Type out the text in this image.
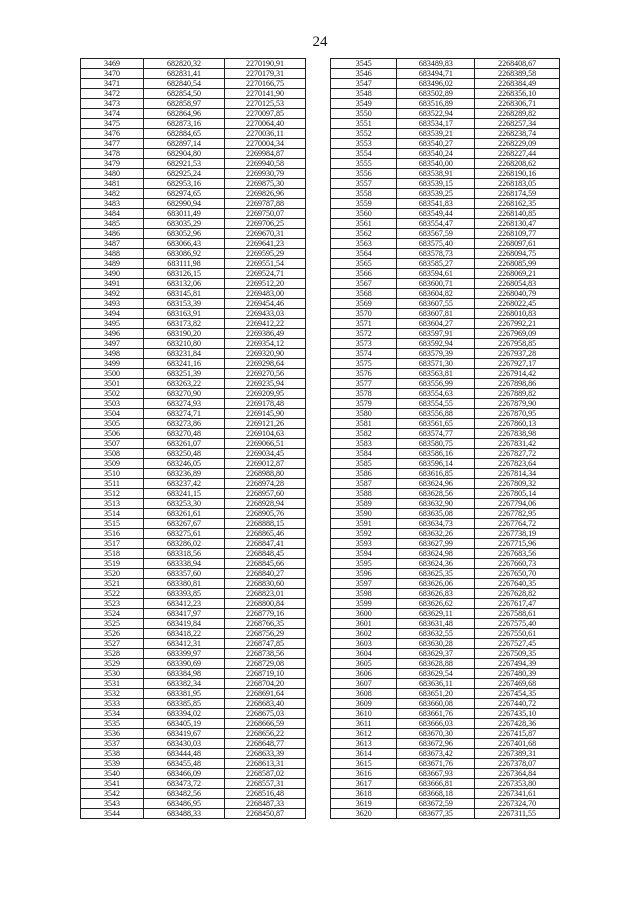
24
3469	682820,32	2270190,91
3470	682831,41	2270179,31
3471	682840,54	2270166,75
3472	682854,50	2270141,90
3473	682858,97	2270125,53
3474	682864,96	2270097,85
3475	682873,16	2270064,40
3476	682884,65	2270036,11
3477	682897,14	2270004,34
3478	682904,80	2269984,87
3479	682921,53	2269940,58
3480	682925,24	2269930,79
3481	682953,16	2269875,30
3482	682974,65	2269826,96
3483	682990,94	2269787,88
3484	683011,49	2269750,07
3485	683035,29	2269706,25
3486	683052,96	2269670,31
3487	683066,43	2269641,23
3488	683086,92	2269595,29
3489	683111,98	2269551,54
3490	683126,15	2269524,71
3491	683132,06	2269512,20
3492	683145,81	2269483,00
3493	683153,39	2269454,46
3494	683163,91	2269433,03
3495	683173,82	2269412,22
3496	683190,20	2269386,49
3497	683210,80	2269354,12
3498	683231,84	2269320,90
3499	683241,16	2269298,64
3500	683251,39	2269270,56
3501	683263,22	2269235,94
3502	683270,90	2269209,95
3503	683274,93	2269178,48
3504	683274,71	2269145,90
3505	683273,86	2269121,26
3506	683270,48	2269104,63
3507	683261,07	2269066,51
3508	683250,48	2269034,45
3509	683246,05	2269012,87
3510	683236,89	2268988,80
3511	683237,42	2268974,28
3512	683241,15	2268957,60
3513	683253,30	2268928,94
3514	683261,61	2268905,76
3515	683267,67	2268888,15
3516	683275,61	2268865,46
3517	683286,02	2268847,41
3518	683318,56	2268848,45
3519	683338,94	2268845,66
3520	683357,60	2268840,27
3521	683380,81	2268830,60
3522	683393,85	2268823,01
3523	683412,23	2268800,84
3524	683417,97	2268779,16
3525	683419,84	2268766,35
3526	683418,22	2268756,29
3527	683412,31	2268747,85
3528	683399,97	2268738,56
3529	683390,69	2268729,08
3530	683384,98	2268719,10
3531	683382,34	2268704,20
3532	683381,95	2268691,64
3533	683385,85	2268683,40
3534	683394,02	2268675,03
3535	683405,19	2268666,59
3536	683419,67	2268656,22
3537	683430,03	2268648,77
3538	683444,48	2268633,39
3539	683455,48	2268613,31
3540	683466,09	2268587,02
3541	683473,72	2268557,31
3542	683482,56	2268516,48
3543	683486,95	2268487,33
3544	683488,33	2268450,87
3545	683489,83	2268408,67
3546	683494,71	2268389,58
3547	683496,02	2268384,49
3548	683502,89	2268356,10
3549	683516,89	2268306,71
3550	683522,94	2268289,82
3551	683534,17	2268257,34
3552	683539,21	2268238,74
3553	683540,27	2268229,09
3554	683540,24	2268227,44
3555	683540,00	2268208,62
3556	683538,91	2268190,16
3557	683539,15	2268183,05
3558	683539,25	2268174,59
3559	683541,83	2268162,35
3560	683549,44	2268140,85
3561	683554,47	2268130,47
3562	683567,59	2268109,77
3563	683575,40	2268097,61
3564	683578,73	2268094,75
3565	683585,27	2268085,99
3566	683594,61	2268069,21
3567	683600,71	2268054,83
3568	683604,82	2268040,79
3569	683607,55	2268022,45
3570	683607,81	2268010,83
3571	683604,27	2267992,21
3572	683597,91	2267969,09
3573	683592,94	2267958,85
3574	683579,39	2267937,28
3575	683571,30	2267927,17
3576	683563,81	2267914,42
3577	683556,99	2267898,86
3578	683554,63	2267889,82
3579	683554,55	2267879,90
3580	683556,88	2267870,95
3581	683561,65	2267860,13
3582	683574,77	2267838,98
3583	683580,75	2267831,42
3584	683586,16	2267827,72
3585	683596,14	2267823,64
3586	683616,85	2267814,34
3587	683624,96	2267809,32
3588	683628,56	2267805,14
3589	683632,90	2267794,06
3590	683635,08	2267782,95
3591	683634,73	2267764,72
3592	683632,26	2267738,19
3593	683627,99	2267715,96
3594	683624,98	2267683,56
3595	683624,36	2267660,73
3596	683625,35	2267650,70
3597	683626,06	2267640,35
3598	683626,83	2267628,82
3599	683626,62	2267617,47
3600	683629,11	2267588,61
3601	683631,48	2267575,40
3602	683632,55	2267550,61
3603	683630,28	2267527,45
3604	683629,37	2267509,35
3605	683628,88	2267494,39
3606	683629,54	2267480,39
3607	683636,11	2267469,68
3608	683651,20	2267454,35
3609	683660,08	2267440,72
3610	683661,76	2267435,10
3611	683666,03	2267428,36
3612	683670,30	2267415,87
3613	683672,96	2267401,68
3614	683673,42	2267389,31
3615	683671,76	2267378,07
3616	683667,93	2267364,84
3617	683666,81	2267353,80
3618	683668,18	2267341,61
3619	683672,59	2267324,70
3620	683677,35	2267311,55
